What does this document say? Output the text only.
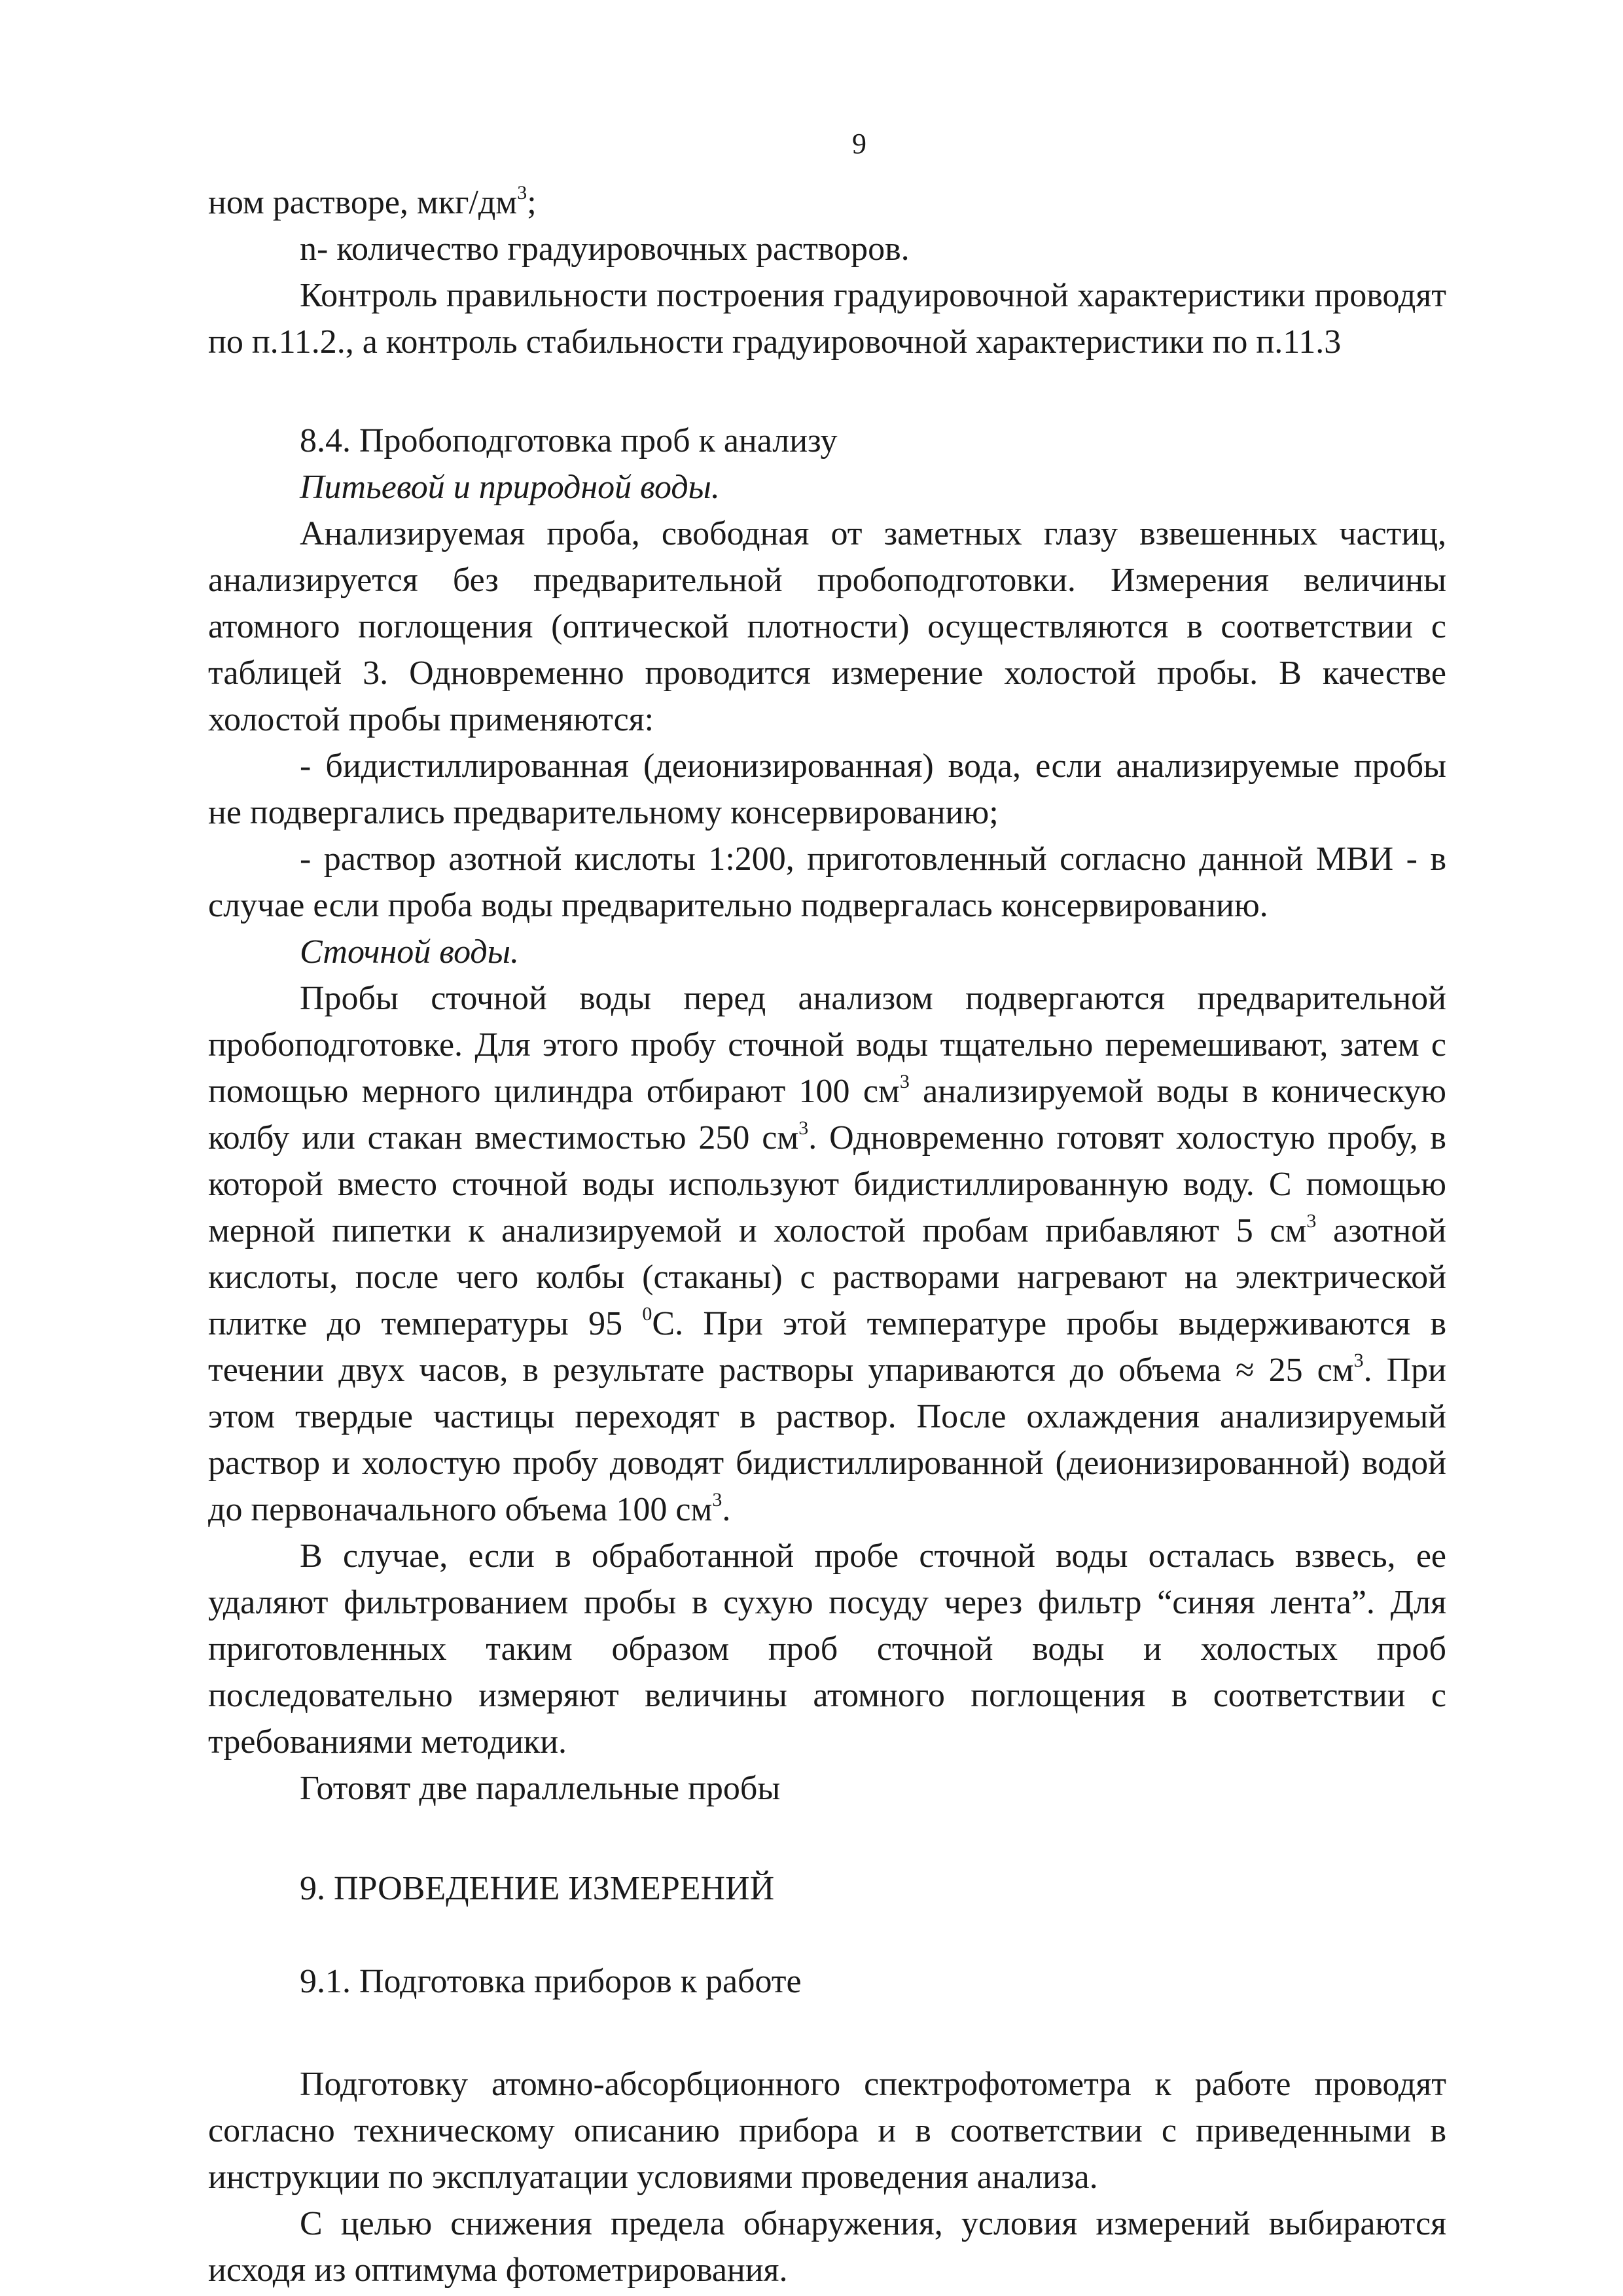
9

ном растворе, мкг/$дм^3$;

n- количество градуировочных растворов.

Контроль правильности построения градуировочной характеристики проводят по п.11.2., а контроль стабильности градуировочной характеристики по п.11.3

8.4. Пробоподготовка проб к анализу

Питьевой и природной воды.

Анализируемая проба, свободная от заметных глазу взвешенных частиц, анализируется без предварительной пробоподготовки. Измерения величины атомного поглощения (оптической плотности) осуществляются в соответствии с таблицей 3. Одновременно проводится измерение холостой пробы. В качестве холостой пробы применяются:

- бидистиллированная (деионизированная) вода, если анализируемые пробы не подвергались предварительному консервированию;

- раствор азотной кислоты 1:200, приготовленный согласно данной МВИ - в случае если проба воды предварительно подвергалась консервированию.

Сточной воды.

Пробы сточной воды перед анализом подвергаются предварительной пробоподготовке. Для этого пробу сточной воды тщательно перемешивают, затем с помощью мерного цилиндра отбирают 100 $см^3$ анализируемой воды в коническую колбу или стакан вместимостью 250 $см^3$. Одновременно готовят холостую пробу, в которой вместо сточной воды используют бидистиллированную воду. С помощью мерной пипетки к анализируемой и холостой пробам прибавляют 5 $см^3$ азотной кислоты, после чего колбы (стаканы) с растворами нагревают на электрической плитке до температуры 95 $^0$С. При этой температуре пробы выдерживаются в течении двух часов, в результате растворы упариваются до объема ≈ 25 $см^3$. При этом твердые частицы переходят в раствор. После охлаждения анализируемый раствор и холостую пробу доводят бидистиллированной (деионизированной) водой до первоначального объема 100 $см^3$.

В случае, если в обработанной пробе сточной воды осталась взвесь, ее удаляют фильтрованием пробы в сухую посуду через фильтр “синяя лента”. Для приготовленных таким образом проб сточной воды и холостых проб последовательно измеряют величины атомного поглощения в соответствии с требованиями методики.

Готовят две параллельные пробы

9. ПРОВЕДЕНИЕ ИЗМЕРЕНИЙ

9.1. Подготовка приборов к работе

Подготовку атомно-абсорбционного спектрофотометра к работе проводят согласно техническому описанию прибора и в соответствии с приведенными в инструкции по эксплуатации условиями проведения анализа.

С целью снижения предела обнаружения, условия измерений выбираются исходя из оптимума фотометрирования.
